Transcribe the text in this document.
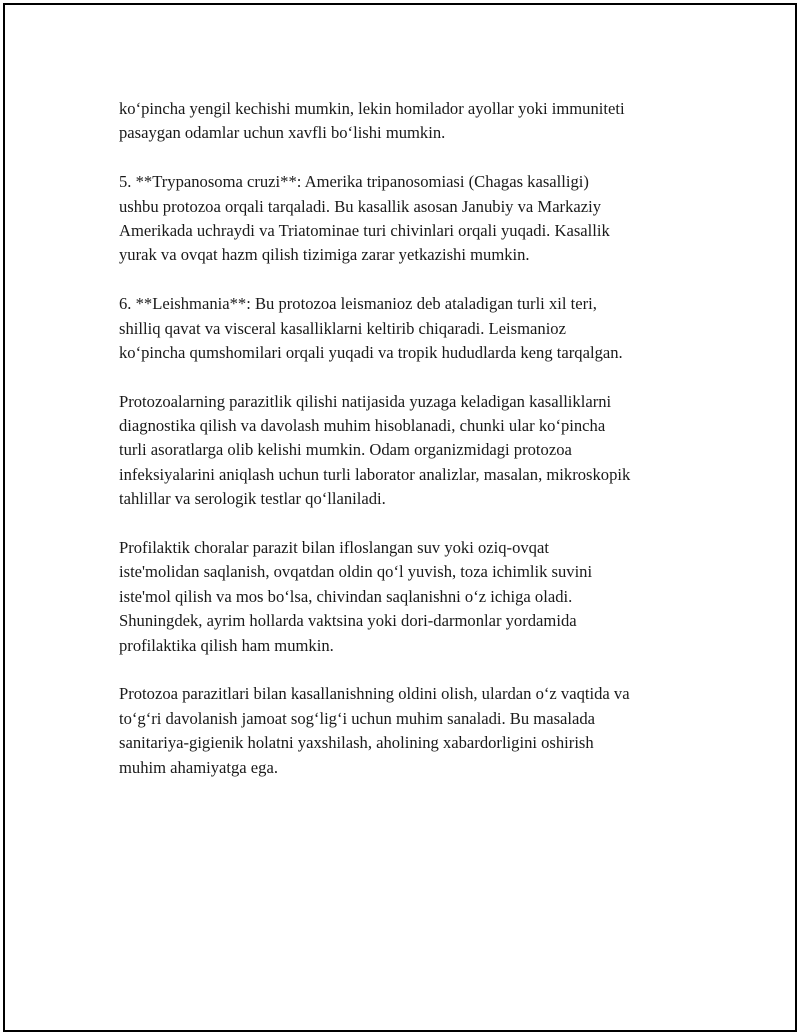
ko‘pincha yengil kechishi mumkin, lekin homilador ayollar yoki immuniteti
pasaygan odamlar uchun xavfli bo‘lishi mumkin.

5. **Trypanosoma cruzi**: Amerika tripanosomiasi (Chagas kasalligi)
ushbu protozoa orqali tarqaladi. Bu kasallik asosan Janubiy va Markaziy
Amerikada uchraydi va Triatominae turi chivinlari orqali yuqadi. Kasallik
yurak va ovqat hazm qilish tizimiga zarar yetkazishi mumkin.

6. **Leishmania**: Bu protozoa leismanioz deb ataladigan turli xil teri,
shilliq qavat va visceral kasalliklarni keltirib chiqaradi. Leismanioz
ko‘pincha qumshomilari orqali yuqadi va tropik hududlarda keng tarqalgan.

Protozoalarning parazitlik qilishi natijasida yuzaga keladigan kasalliklarni
diagnostika qilish va davolash muhim hisoblanadi, chunki ular ko‘pincha
turli asoratlarga olib kelishi mumkin. Odam organizmidagi protozoa
infeksiyalarini aniqlash uchun turli laborator analizlar, masalan, mikroskopik
tahlillar va serologik testlar qo‘llaniladi.

Profilaktik choralar parazit bilan ifloslangan suv yoki oziq-ovqat
iste'molidan saqlanish, ovqatdan oldin qo‘l yuvish, toza ichimlik suvini
iste'mol qilish va mos bo‘lsa, chivindan saqlanishni o‘z ichiga oladi.
Shuningdek, ayrim hollarda vaktsina yoki dori-darmonlar yordamida
profilaktika qilish ham mumkin.

Protozoa parazitlari bilan kasallanishning oldini olish, ulardan o‘z vaqtida va
to‘g‘ri davolanish jamoat sog‘lig‘i uchun muhim sanaladi. Bu masalada
sanitariya-gigienik holatni yaxshilash, aholining xabardorligini oshirish
muhim ahamiyatga ega.
